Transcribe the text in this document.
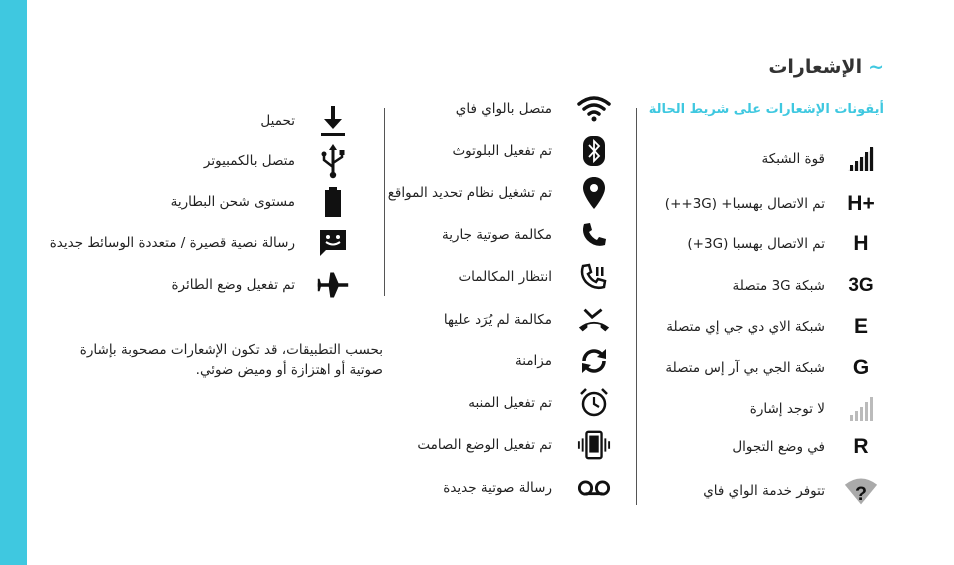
~الإشعارات
أيقونات الإشعارات على شريط الحالة
قوة الشبكة
H+
تم الاتصال بهسبا+ (3G++)
H
تم الاتصال بهسبا (3G+)
3G
شبكة 3G متصلة
E
شبكة الاي دي جي إي متصلة
G
شبكة الجي بي آر إس متصلة
لا توجد إشارة
R
في وضع التجوال
?
تتوفر خدمة الواي فاي
متصل بالواي فاي
تم تفعيل البلوتوث
تم تشغيل نظام تحديد المواقع
مكالمة صوتية جارية
انتظار المكالمات
مكالمة لم يُرَد عليها
مزامنة
تم تفعيل المنبه
تم تفعيل الوضع الصامت
رسالة صوتية جديدة
تحميل
متصل بالكمبيوتر
مستوى شحن البطارية
رسالة نصية قصيرة / متعددة الوسائط جديدة
تم تفعيل وضع الطائرة
بحسب التطبيقات، قد تكون الإشعارات مصحوبة بإشارة صوتية أو اهتزازة أو وميض ضوئي.
